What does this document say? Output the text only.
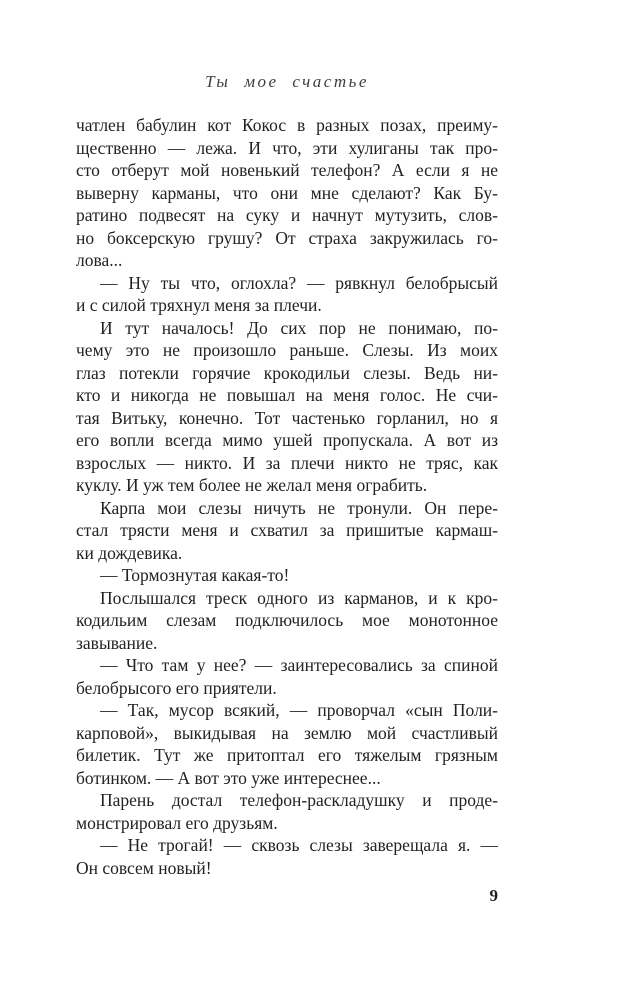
Ты мое счастье
чатлен бабулин кот Кокос в разных позах, преиму-
щественно — лежа. И что, эти хулиганы так про-
сто отберут мой новенький телефон? А если я не
выверну карманы, что они мне сделают? Как Бу-
ратино подвесят на суку и начнут мутузить, слов-
но боксерскую грушу? От страха закружилась го-
лова...
— Ну ты что, оглохла? — рявкнул белобрысый
и с силой тряхнул меня за плечи.
И тут началось! До сих пор не понимаю, по-
чему это не произошло раньше. Слезы. Из моих
глаз потекли горячие крокодильи слезы. Ведь ни-
кто и никогда не повышал на меня голос. Не счи-
тая Витьку, конечно. Тот частенько горланил, но я
его вопли всегда мимо ушей пропускала. А вот из
взрослых — никто. И за плечи никто не тряс, как
куклу. И уж тем более не желал меня ограбить.
Карпа мои слезы ничуть не тронули. Он пере-
стал трясти меня и схватил за пришитые кармаш-
ки дождевика.
— Тормознутая какая-то!
Послышался треск одного из карманов, и к кро-
кодильим слезам подключилось мое монотонное
завывание.
— Что там у нее? — заинтересовались за спиной
белобрысого его приятели.
— Так, мусор всякий, — проворчал «сын Поли-
карповой», выкидывая на землю мой счастливый
билетик. Тут же притоптал его тяжелым грязным
ботинком. — А вот это уже интереснее...
Парень достал телефон-раскладушку и проде-
монстрировал его друзьям.
— Не трогай! — сквозь слезы заверещала я. —
Он совсем новый!
9
